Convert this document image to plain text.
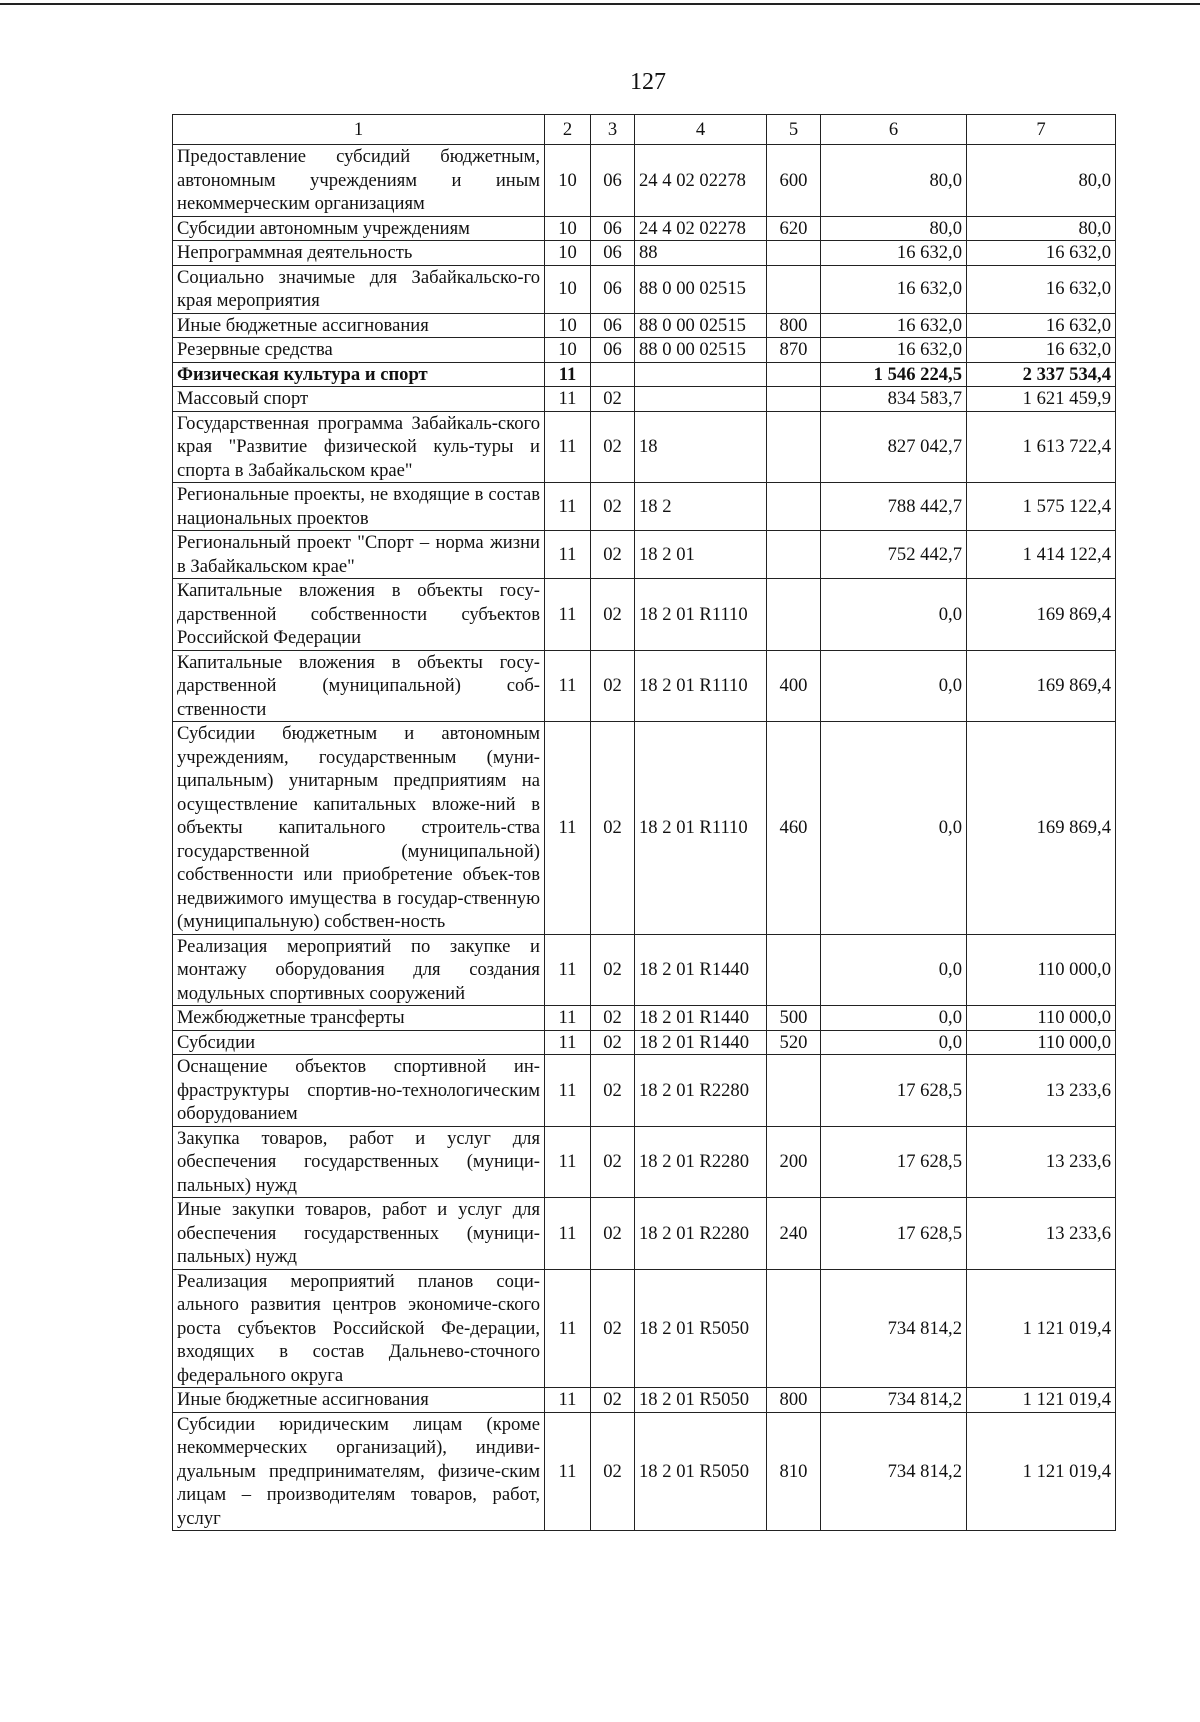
127
1	2	3	4	5	6	7
Предоставление субсидий бюджетным, автономным учреждениям и иным некоммерческим организациям	10	06	24 4 02 02278	600	80,0	80,0
Субсидии автономным учреждениям	10	06	24 4 02 02278	620	80,0	80,0
Непрограммная деятельность	10	06	88		16 632,0	16 632,0
Социально значимые для Забайкальско-го края мероприятия	10	06	88 0 00 02515		16 632,0	16 632,0
Иные бюджетные ассигнования	10	06	88 0 00 02515	800	16 632,0	16 632,0
Резервные средства	10	06	88 0 00 02515	870	16 632,0	16 632,0
Физическая культура и спорт	11				1 546 224,5	2 337 534,4
Массовый спорт	11	02			834 583,7	1 621 459,9
Государственная программа Забайкаль-ского края "Развитие физической куль-туры и спорта в Забайкальском крае"	11	02	18		827 042,7	1 613 722,4
Региональные проекты, не входящие в состав национальных проектов	11	02	18 2		788 442,7	1 575 122,4
Региональный проект "Спорт – норма жизни в Забайкальском крае"	11	02	18 2 01		752 442,7	1 414 122,4
Капитальные вложения в объекты госу-дарственной собственности субъектов Российской Федерации	11	02	18 2 01 R1110		0,0	169 869,4
Капитальные вложения в объекты госу-дарственной (муниципальной) соб-ственности	11	02	18 2 01 R1110	400	0,0	169 869,4
Субсидии бюджетным и автономным учреждениям, государственным (муни-ципальным) унитарным предприятиям на осуществление капитальных вложе-ний в объекты капитального строитель-ства государственной (муниципальной) собственности или приобретение объек-тов недвижимого имущества в государ-ственную (муниципальную) собствен-ность	11	02	18 2 01 R1110	460	0,0	169 869,4
Реализация мероприятий по закупке и монтажу оборудования для создания модульных спортивных сооружений	11	02	18 2 01 R1440		0,0	110 000,0
Межбюджетные трансферты	11	02	18 2 01 R1440	500	0,0	110 000,0
Субсидии	11	02	18 2 01 R1440	520	0,0	110 000,0
Оснащение объектов спортивной ин-фраструктуры спортив-но-технологическим оборудованием	11	02	18 2 01 R2280		17 628,5	13 233,6
Закупка товаров, работ и услуг для обеспечения государственных (муници-пальных) нужд	11	02	18 2 01 R2280	200	17 628,5	13 233,6
Иные закупки товаров, работ и услуг для обеспечения государственных (муници-пальных) нужд	11	02	18 2 01 R2280	240	17 628,5	13 233,6
Реализация мероприятий планов соци-ального развития центров экономиче-ского роста субъектов Российской Фе-дерации, входящих в состав Дальнево-сточного федерального округа	11	02	18 2 01 R5050		734 814,2	1 121 019,4
Иные бюджетные ассигнования	11	02	18 2 01 R5050	800	734 814,2	1 121 019,4
Субсидии юридическим лицам (кроме некоммерческих организаций), индиви-дуальным предпринимателям, физиче-ским лицам – производителям товаров, работ, услуг	11	02	18 2 01 R5050	810	734 814,2	1 121 019,4
